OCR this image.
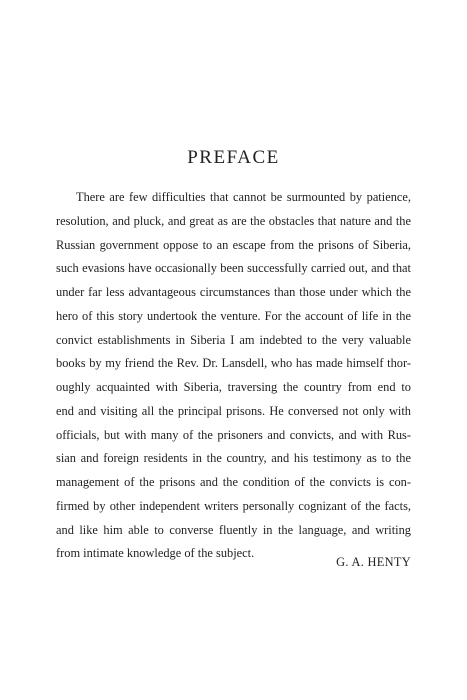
PREFACE
There are few difficulties that cannot be surmounted by patience,
resolution, and pluck, and great as are the obstacles that nature and the
Russian government oppose to an escape from the prisons of Siberia,
such evasions have occasionally been successfully carried out, and that
under far less advantageous circumstances than those under which the
hero of this story undertook the venture. For the account of life in the
convict establishments in Siberia I am indebted to the very valuable
books by my friend the Rev. Dr. Lansdell, who has made himself thor-
oughly acquainted with Siberia, traversing the country from end to
end and visiting all the principal prisons. He conversed not only with
officials, but with many of the prisoners and convicts, and with Rus-
sian and foreign residents in the country, and his testimony as to the
management of the prisons and the condition of the convicts is con-
firmed by other independent writers personally cognizant of the facts,
and like him able to converse fluently in the language, and writing
from intimate knowledge of the subject.

G. A. HENTY
